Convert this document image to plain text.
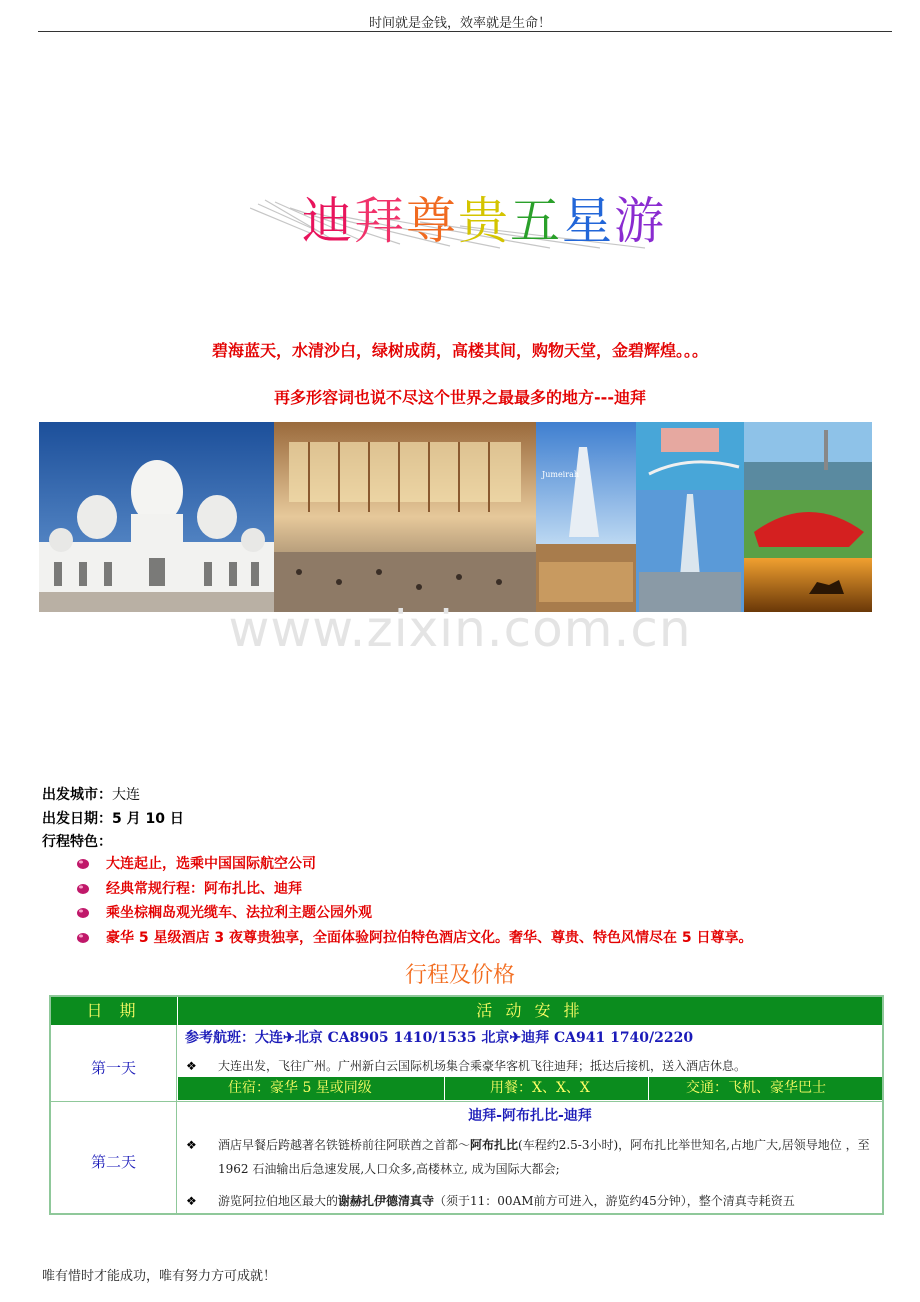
时间就是金钱，效率就是生命！
迪 拜 尊 贵 五 星 游
碧海蓝天，水清沙白，绿树成荫，高楼其间，购物天堂，金碧辉煌。。。
再多形容词也说不尽这个世界之最最多的地方---迪拜
Jumeirah
www.zixin.com.cn
出发城市：大连
出发日期：5 月 10 日
行程特色：
大连起止，选乘中国国际航空公司
经典常规行程：阿布扎比、迪拜
乘坐棕榈岛观光缆车、法拉利主题公园外观
豪华 5 星级酒店 3 夜尊贵独享，全面体验阿拉伯特色酒店文化。奢华、尊贵、特色风情尽在 5 日尊享。
行程及价格
日 期	活 动 安 排
第一天
参考航班：大连✈北京 CA8905 1410/1535 北京✈迪拜 CA941 1740/2220
❖	大连出发，飞往广州。广州新白云国际机场集合乘豪华客机飞往迪拜；抵达后接机，送入酒店休息。
住宿：豪华 5 星或同级	用餐：X、X、X	交通：飞机、豪华巴士
第二天
迪拜-阿布扎比-迪拜
❖	酒店早餐后跨越著名铁链桥前往阿联酋之首都～阿布扎比(车程约2.5-3小时)，阿布扎比举世知名,占地广大,居领导地位 ，至1962 石油输出后急速发展,人口众多,高楼林立, 成为国际大都会;
❖	游览阿拉伯地区最大的谢赫扎伊德清真寺（须于11：00AM前方可进入，游览约45分钟），整个清真寺耗资五
唯有惜时才能成功，唯有努力方可成就！
